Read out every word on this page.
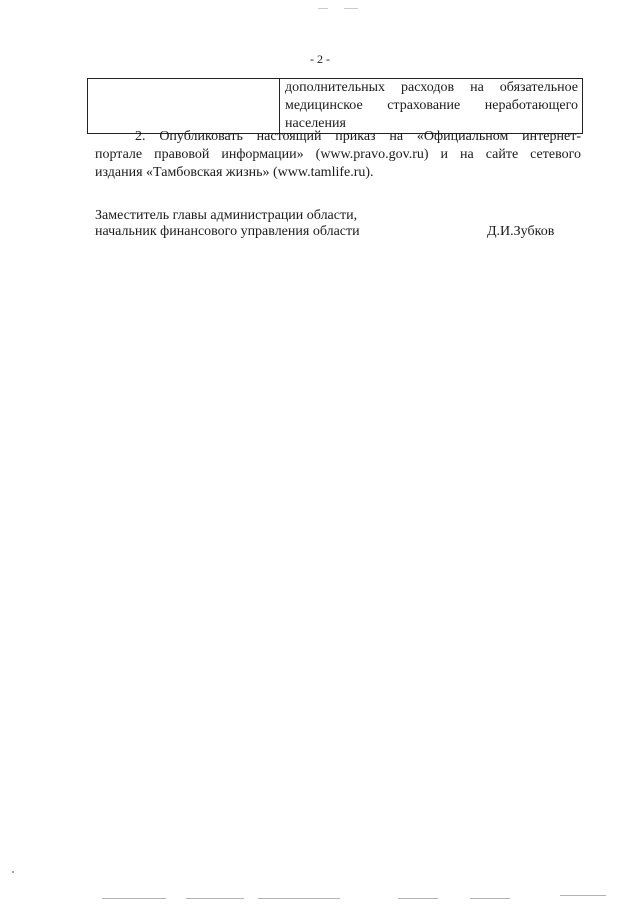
- 2 -

дополнительных расходов на обязательное
медицинское страхование неработающего
населения
2. Опубликовать настоящий приказ на «Официальном интернет-
портале правовой информации» (www.pravo.gov.ru) и на сайте сетевого
издания «Тамбовская жизнь» (www.tamlife.ru).
Заместитель главы администрации области,
начальник финансового управления области	Д.И.Зубков
